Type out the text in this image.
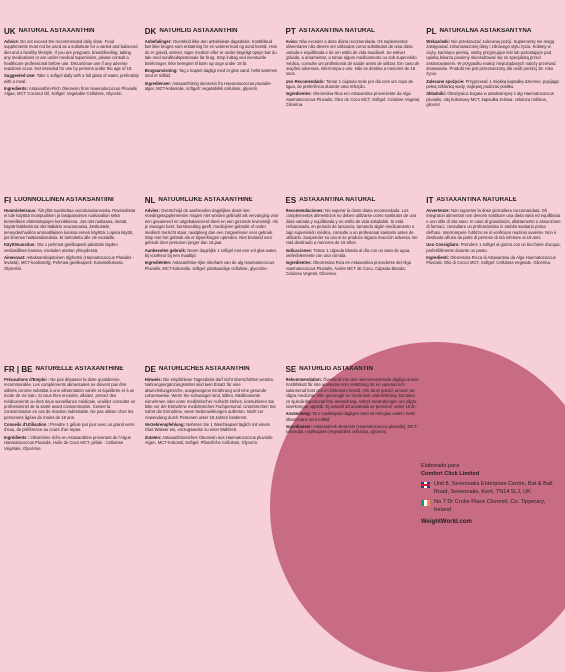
UK NATURAL ASTAXANTHIN

Advice: Do not exceed the recommended daily dose. Food supplements must not be used as a substitute for a varied and balanced diet and a healthy lifestyle. If you are pregnant, breastfeeding, taking any medications or are under medical supervision, please consult a healthcare professional before use. Discontinue use if any adverse reactions occur. Not intended for use by persons under the age of 18.

Suggested Use: Take 1 softgel daily with a full glass of water, preferably with a meal.

Ingredients: Astaxanthin-Rich Oleoresin from Haematococcus Pluvialis Algae, MCT Coconut Oil, Softgel: Vegetable Cellulose, Glycerin.

DK NATURLIG ASTAXANTHIN

Anbefalinger: Overskrid ikke den anbefalede dagsdosis. Kosttilskud bør ikke bruges som erstatning for en varieret kost og sund livsstil. Hvis du er gravid, ammer, tager medicin eller er under lægeligt opsyn bør du tale med sundhedspersonale før brug. Stop indtag ved eventuelle bivirkninger. Ikke beregnet til børn og unge under 18 år.

Brugsanvisning: Tag 1 kapsel dagligt med et glas vand, helst sammen med et måltid.

Ingredienser: Astaxanthinrig oleoresin fra Haematococcus pluvialis-alger, MCT-kokosolie, softgelt: vegetabilsk cellulose, glycerin.

PT ASTAXANTINA NATURAL

Aviso: Não exceder a dose diária recomendada. Os suplementos alimentares não devem ser utilizados como substitutos de uma dieta variada e equilibrada e de um estilo de vida saudável. Se estiver grávida, a amamentar, a tomar algum medicamento ou sob supervisão médica, consulte um profissional de saúde antes de utilizar. Em caso de reações adversas, interrompa o uso. Não se destina a menores de 18 anos.

Uso Recomendado: Tomar 1 cápsula mole por dia com um copo de água, de preferência durante uma refeição.

Ingredientes: Oleoresina Rica em Astaxantina proveniente da Alga Haematococcus Pluvialis, Óleo de Coco MCT, Softgel: Celulose Vegetal, Glicerina.

PL NATURALNA ASTAKSANTYNA

Wskazówki: Nie przekraczać zalecanej porcji. Suplementy nie mogą zastępować zrównoważonej diety i zdrowego stylu życia. Kobiety w ciąży, karmiące piersią, osoby przyjmujące leki lub pozostające pod opieką lekarza powinny skonsultować się ze specjalistą przed zastosowaniem. W przypadku reakcji niepożądanych należy przerwać stosowanie. Produkt nie jest przeznaczony dla osób poniżej 18. roku życia.

Zalecane spożycie: Przyjmować 1 miękką kapsułkę dziennie, popijając pełną szklanką wody, najlepiej podczas posiłku.

Składniki: Oleożywica bogata w astaksantynę z alg Haematococcus pluvialis, olej kokosowy MCT, kapsułka żelowa: celuloza roślinna, glicerol.

FI LUONNOLLINEN ASTAKSANTIINI

Huomiokeisuus: Älä ylitä suositeltua vuorokausiannosta. Ravintolisää ei tule käyttää monipuolisen ja tasapainoisen ruokavalion sekä terveellisen elämäntapojen korvikkeena. Jos olet raskaana, imetät, käytät lääkkeitä tai olet lääkärin seurannassa, keskustele terveydenhuollon ammattilaisen kanssa ennen käyttöä. Lopeta käyttö, jos ilmenee haittavaikutuksia. Ei tarkoitettu alle 18-vuotiaille.

Käyttösuositus: Ota 1 pehmeä geelikapseli päivittäin täyden vesilasillisen kanssa, mieluiten aterian yhteydessä.

Ainesosat: Astaksantiinipitoinen öljyhartsi (Haematococcus Pluvialis -levästä), MCT-kookosöljy, Pehmeä geelikapseli: Kasviselluloosa, Glyseriini.

NL NATUURLIJKE ASTAXANTHINE

Advies: Overschrijd de aanbevolen dagelijkse dosis niet. Voedingssupplementen mogen niet worden gebruikt als vervanging voor een gevarieerd en uitgebalanceerd dieet en een gezonde levensstijl. Als je zwanger bent, borstvoeding geeft, medicijnen gebruikt of onder medisch toezicht staat, raadpleeg dan een zorgverlener voor gebruik. Stop met het gebruik als er bijwerkingen optreden. Niet bedoeld voor gebruik door personen jonger dan 18 jaar.

Aanbevolen gebruik: Neem dagelijks 1 softgel met een vol glas water, bij voorkeur bij een maaltijd.

Ingrediënten: Astaxanthine-rijke oleohars van de alg Haematococcus Pluvialis, MCT-kokosolie, softgel: plantaardige cellulose, glycerine.

ES ASTAXANTINA NATURAL

Recomendaciones: No superar la dosis diaria recomendada. Los complementos alimenticios no deben utilizarse como sustitutos de una dieta variada y equilibrada y un estilo de vida saludable. Si está embarazada, en periodo de lactancia, tomando algún medicamento o bajo supervisión médica, consulte a un profesional sanitario antes de utilizarlo. Suspender su uso si se produce alguna reacción adversa. No está destinado a menores de 18 años.

Indicaciones: Tomar 1 cápsula blanda al día con un vaso de agua, preferiblemente con una comida.

Ingredientes: Oleorresina Rica en Astaxantina procedente del Alga Haematococcus Pluvialis, Aceite MCT de Coco, Cápsula Blanda: Celulosa Vegetal, Glicerina.

IT ASTAXANTINA NATURALE

Avvertenze: Non superare la dose giornaliera raccomandata. Gli integratori alimentari non devono sostituire una dieta varia ed equilibrata e uno stile di vita sano. In caso di gravidanza, allattamento o assunzione di farmaci, consultare un professionista in ambito sanitario prima dell'uso. Interrompere l'utilizzo se si verificano reazioni avverse. Non è destinato all'uso da parte di persone di età inferiore ai 18 anni.

Uso Consigliato: Prendere 1 softgel al giorno con un bicchiere d'acqua, preferibilmente durante un pasto.

Ingredienti: Oleoresina Ricca di Astaxantina da Alga Haematococcus Pluvialis, Olio di Cocco MCT, Softgel: Cellulosa Vegetale, Glicerina.

FR | BE NATURELLE ASTAXANTHINE

Précautions d'Emploi : Ne pas dépasser la dose quotidienne recommandée. Les compléments alimentaires ne doivent pas être utilisés comme substitut à une alimentation variée et équilibrée et à un mode de vie sain. Si vous êtes enceinte, allaitez, prenez des médicaments ou êtes sous surveillance médicale, veuillez consulter un professionnel de la santé avant consommation. Cesser la consommation en cas de réaction indésirable. Ne pas utiliser chez les personnes âgées de moins de 18 ans.

Conseils d'Utilisation : Prendre 1 gélule par jour avec un grand verre d'eau, de préférence au cours d'un repas.

Ingrédients : Oléorésine riche en Astaxanthine provenant de l'Algue Haematococcus Pluvialis, Huile de Coco MCT, gélule : Cellulose Végétale, Glycérine.

DE NATÜRLICHES ASTAXANTHIN

Hinweis: Die empfohlene Tagesdosis darf nicht überschritten werden. Nahrungsergänzungsmittel sind kein Ersatz für eine abwechslungsreiche, ausgewogene Ernährung und eine gesunde Lebensweise. Wenn Sie schwanger sind, stillen, Medikamente einnehmen oder unter medizinischer Aufsicht stehen, konsultieren Sie bitte vor der Einnahme medizinisches Fachpersonal. Unterbrechen Sie sofort die Einnahme, wenn Nebenwirkungen auftreten. Nicht zur Anwendung durch Personen unter 18 Jahren bestimmt.

Verzehrempfehlung: Nehmen Sie 1 Weichkapsel täglich mit einem Glas Wasser ein, vorzugsweise zu einer Mahlzeit.

Zutaten: Astaxanthinreiches Oleoresin aus Haematococcus pluvialis-Algen, MCT-Kokosöl, Softgel: Pflanzliche Cellulose, Glycerin.

SE NATURLIG ASTAXANTIN

Rekommendation: Överskrid inte den rekommenderade dagliga dosen. Kosttillskott får inte användas som ersättning för en varierad och balanserad kost och en hälsosam livsstil. Om du är gravid, ammar, tar några mediciner eller genomgår en medicinsk undersökning, kontakta en sjukvårdspersonal före användning. Avbryt användningen om några biverkningar uppstår. Ej avsedd att användas av personer under 18 år.

Användning: Ta 1 mjukkapsel dagligen med ett helt glas vatten, helst tillsammans med måltid.

Ingredienser: Astaxantinrik oleoresin (Haematococcus pluvialis), MCT-kokosolja, mjukkapsel (vegetabilisk cellulosa, glycerin).

Elaborado para
Comfort Click Limited
Unit 8, Sevenoaks Enterprise Centre, Bat & Ball Road, Sevenoaks, Kent, TN14 5LJ, UK
No 7 Dr Croke Place Clonmel, Co. Tipperary, Ireland
WeightWorld.com
